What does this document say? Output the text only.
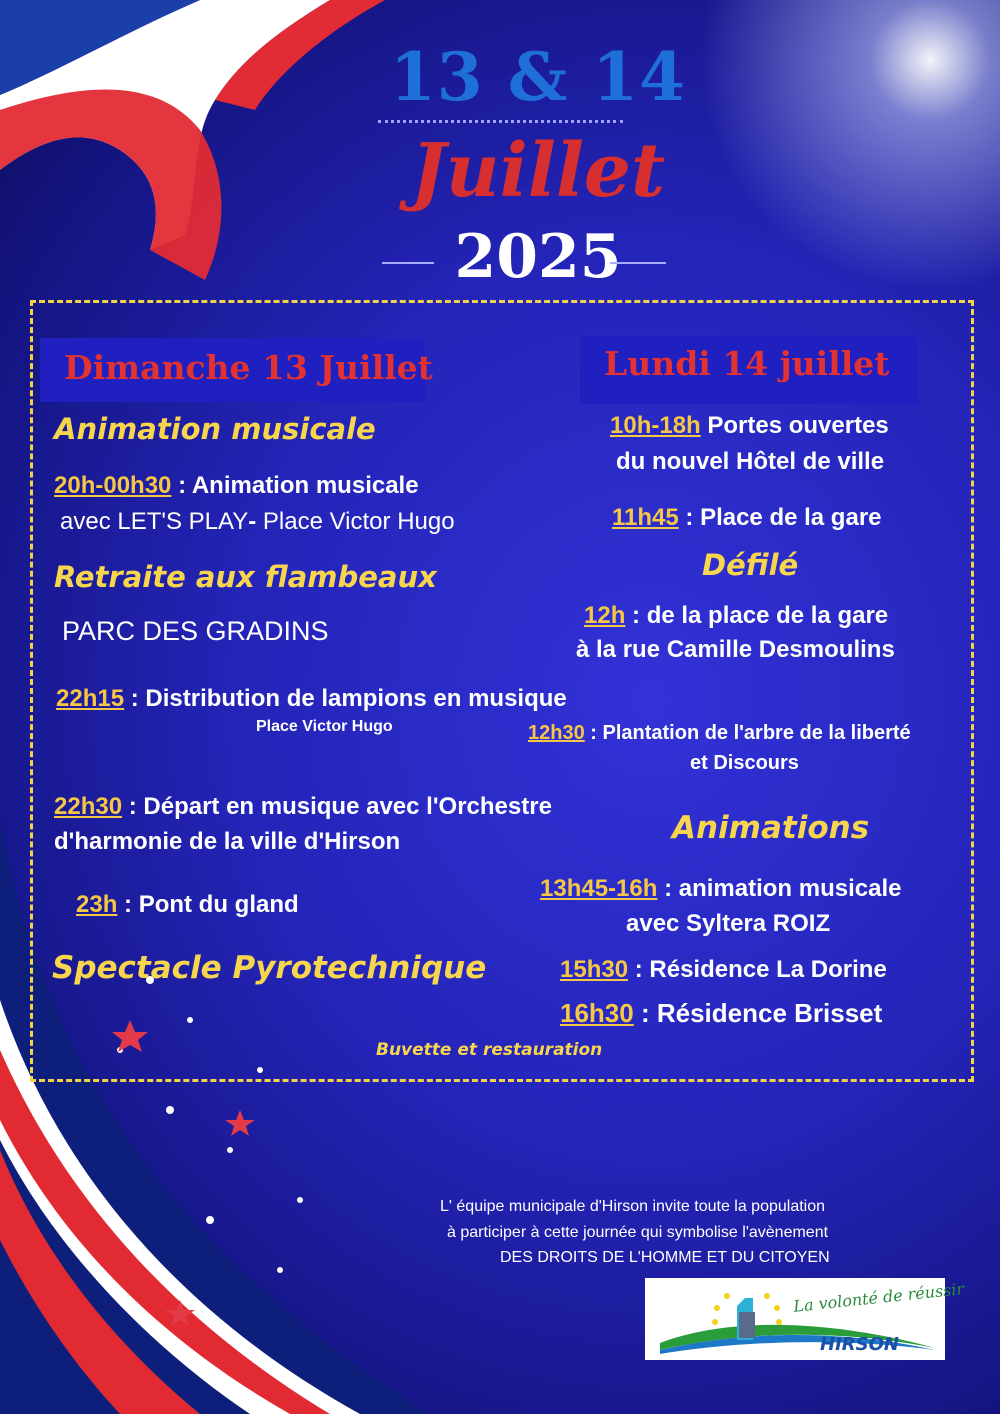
13 & 14
Juillet
2025
Dimanche 13 Juillet
Animation musicale
20h-00h30 : Animation musicale
avec LET'S PLAY- Place Victor Hugo
Retraite aux flambeaux
PARC DES GRADINS
22h15 : Distribution de lampions en musique
Place Victor Hugo
22h30 : Départ en musique avec l'Orchestre
d'harmonie de la ville d'Hirson
23h : Pont du gland
Spectacle Pyrotechnique
Buvette et restauration
Lundi 14 juillet
10h-18h Portes ouvertes
du nouvel Hôtel de ville
11h45 : Place de la gare
Défilé
12h : de la place de la gare
à la rue Camille Desmoulins
12h30 : Plantation de l'arbre de la liberté
et Discours
Animations
13h45-16h : animation musicale
avec Syltera ROIZ
15h30 : Résidence La Dorine
16h30 : Résidence Brisset
L' équipe municipale d'Hirson invite toute la population
à participer à cette journée qui symbolise l'avènement
DES DROITS DE L'HOMME ET DU CITOYEN
La volonté de réussir
HIRSON
